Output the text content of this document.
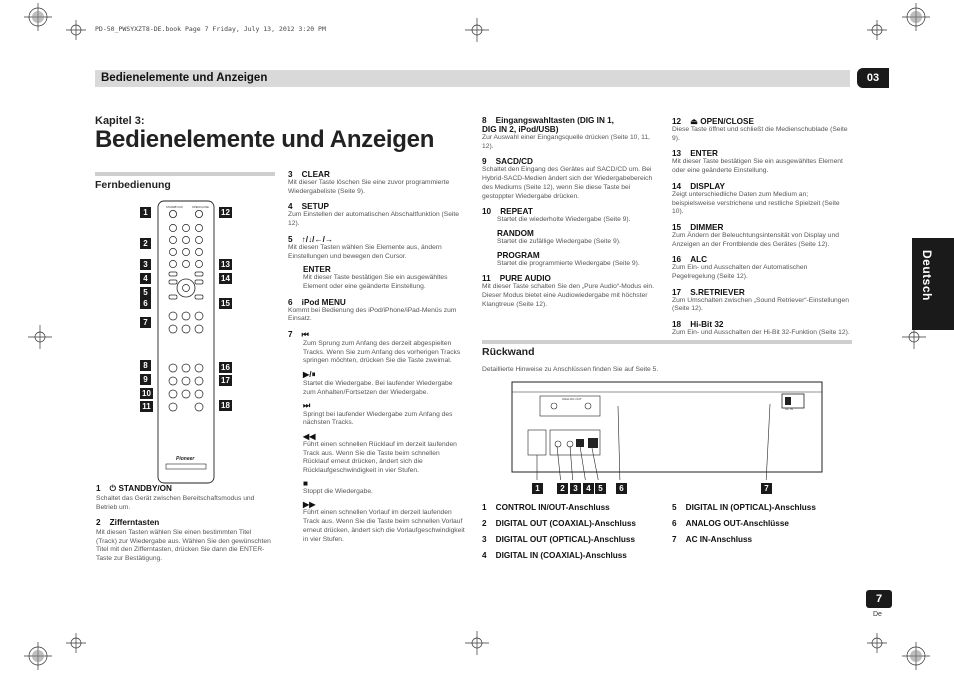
PD-50_PWSYXZT8-DE.book Page 7 Friday, July 13, 2012 3:20 PM
Bedienelemente und Anzeigen	03
Deutsch
Kapitel 3:
Bedienelemente und Anzeigen
Fernbedienung
STANDBY/ON	OPEN/CLOSE
Pioneer
1
2
3
4
5
6
7
8
9
10
11
12
13
14
15
16
17
18
1 ⏻ STANDBY/ON
Schaltet das Gerät zwischen Bereitschaftsmodus und Betrieb um.
2 Zifferntasten
Mit diesen Tasten wählen Sie einen bestimmten Titel (Track) zur Wiedergabe aus. Wählen Sie den gewünschten Titel mit den Zifferntasten, drücken Sie dann die ENTER-Taste zur Bestätigung.
3 CLEAR
Mit dieser Taste löschen Sie eine zuvor programmierte Wiedergabeliste (Seite 9).
4 SETUP
Zum Einstellen der automatischen Abschaltfunktion (Seite 12).
5 ↑/↓/←/→
Mit diesen Tasten wählen Sie Elemente aus, ändern Einstellungen und bewegen den Cursor.
ENTER
Mit dieser Taste bestätigen Sie ein ausgewähltes Element oder eine geänderte Einstellung.
6 iPod MENU
Kommt bei Bedienung des iPod/iPhone/iPad-Menüs zum Einsatz.
7 ⏮
Zum Sprung zum Anfang des derzeit abgespielten Tracks. Wenn Sie zum Anfang des vorherigen Tracks springen möchten, drücken Sie die Taste zweimal.
▶/⏸
Startet die Wiedergabe. Bei laufender Wiedergabe zum Anhalten/Fortsetzen der Wiedergabe.
⏭
Springt bei laufender Wiedergabe zum Anfang des nächsten Tracks.
◀◀
Führt einen schnellen Rücklauf im derzeit laufenden Track aus. Wenn Sie die Taste beim schnellen Rücklauf erneut drücken, ändert sich die Rücklaufgeschwindigkeit in vier Stufen.
■
Stoppt die Wiedergabe.
▶▶
Führt einen schnellen Vorlauf im derzeit laufenden Track aus. Wenn Sie die Taste beim schnellen Vorlauf erneut drücken, ändert sich die Vorlaufgeschwindigkeit in vier Stufen.
8 Eingangswahltasten (DIG IN 1,
DIG IN 2, iPod/USB)
Zur Auswahl einer Eingangsquelle drücken (Seite 10, 11, 12).
9 SACD/CD
Schaltet den Eingang des Gerätes auf SACD/CD um. Bei Hybrid-SACD-Medien ändert sich der Wiedergabebereich des Mediums (Seite 12), wenn Sie diese Taste bei gestoppter Wiedergabe drücken.
10 REPEAT
Startet die wiederholte Wiedergabe (Seite 9).
RANDOM
Startet die zufällige Wiedergabe (Seite 9).
PROGRAM
Startet die programmierte Wiedergabe (Seite 9).
11 PURE AUDIO
Mit dieser Taste schalten Sie den „Pure Audio“-Modus ein. Dieser Modus bietet eine Audiowiedergabe mit höchster Klangtreue (Seite 12).
12 ⏏ OPEN/CLOSE
Diese Taste öffnet und schließt die Medienschublade (Seite 9).
13 ENTER
Mit dieser Taste bestätigen Sie ein ausgewähltes Element oder eine geänderte Einstellung.
14 DISPLAY
Zeigt unterschiedliche Daten zum Medium an; beispielsweise verstrichene und restliche Spielzeit (Seite 10).
15 DIMMER
Zum Ändern der Beleuchtungsintensität von Display und Anzeigen an der Frontblende des Gerätes (Seite 12).
16 ALC
Zum Ein- und Ausschalten der Automatischen Pegelregelung (Seite 12).
17 S.RETRIEVER
Zum Umschalten zwischen „Sound Retriever“-Einstellungen (Seite 12).
18 Hi-Bit 32
Zum Ein- und Ausschalten der Hi-Bit 32-Funktion (Seite 12).
Rückwand
Detaillierte Hinweise zu Anschlüssen finden Sie auf Seite 5.
ANALOG OUT
AC IN
1	2	3	4 5	6	7
1 CONTROL IN/OUT-Anschluss
2 DIGITAL OUT (COAXIAL)-Anschluss
3 DIGITAL OUT (OPTICAL)-Anschluss
4 DIGITAL IN (COAXIAL)-Anschluss
5 DIGITAL IN (OPTICAL)-Anschluss
6 ANALOG OUT-Anschlüsse
7 AC IN-Anschluss
7
De
